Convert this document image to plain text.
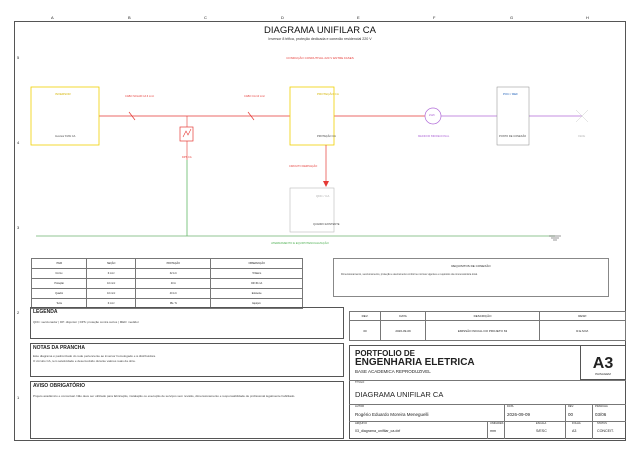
A	B	C	D	E	F	G	H
5
4
3
2
1
DIAGRAMA UNIFILAR CA
Inversor 8 trifica, proteção dedicada e conexão residencial 220 V
CONDUÇÃO CONDUTIVAL 220 V ENTRE FASES
INVERSOR
Inversor 8 kW CA
PROTEÇÃO CA
PROTEÇÃO CA
POC / REF
PONTO DE CONEXÃO
QDC / CA
QUADRO EXISTENTE
CABO SOLAR CA 6 mm²	CABO CA 10 mm²
DPS CA
kWh
MEDIDOR BIDIRECIONAL	REDE
CIRCUITO DERIVAÇÃO
ATERRAMENTO E EQUIPOTENCIALIZAÇÃO
ITEM	SEÇÃO	PROTEÇÃO	OBSERVAÇÃO
CA Inv.	6 mm²	32 A C	Trifásico
Proteção	10 mm²	40 A	DR 30 mA
Quadro	10 mm²	40 A C	Existente
Terra	6 mm²	PE / N	Equipot.
REQUISITOS DE CONEXÃO
Dimensionamento, seccionamento, proteção e aterramento conforme normas vigentes e requisitos da concessionária local.
LEGENDA
QDC: seccionador | DP: disjuntor | DPS: proteção contra surtos | MED: medidor
NOTAS DA PRANCHA
Este diagrama é padronizado do rede pertencente ao inversor homologado e à distribuidora.
O circuito CA, tem seletividade e desenvolvido durante valores reais da obra.
AVISO OBRIGATÓRIO
Projeto acadêmico e conceitual. Não deve ser utilizado para fabricação, instalação ou execução de serviços sem revisão, dimensionamento e responsabilidade de profissional legalmente habilitado.
REV.	DATA	DESCRIÇÃO	RESP.
00	2026-09-09	EMISSÃO INICIAL DO PROJETO 63	R.E.M.M.
PORTFOLIO DE
ENGENHARIA ELETRICA
BASE ACADEMICA REPRODUZIVEL	A3
PAISAGEM
TÍTULO
DIAGRAMA UNIFILAR CA
AUTOR
Rogério Eduardo Moreira Meneguelli
DATA
2026-09-09
REV.
00
PRANCHA
03/06
ARQUIVO
03_diagrama_unifilar_ca.dxf
UNIDADES
mm
ESCALA
S/ESC
FOLHA
A3
STATUS
CONCEIT.
